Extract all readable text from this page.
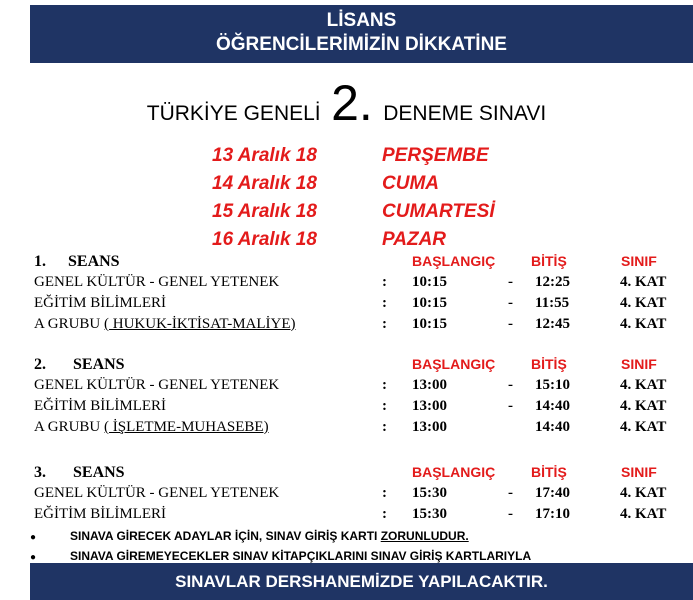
LİSANS
ÖĞRENCİLERİMİZİN DİKKATİNE
TÜRKİYE GENELİ 2. DENEME SINAVI
13 Aralık 18	PERŞEMBE
14 Aralık 18	CUMA
15 Aralık 18	CUMARTESİ
16 Aralık 18	PAZAR
1. SEANS	BAŞLANGIÇ	BİTİŞ	SINIF
GENEL KÜLTÜR - GENEL YETENEK	: 10:15	- 12:25	4. KAT
EĞİTİM BİLİMLERİ	: 10:15	- 11:55	4. KAT
A GRUBU ( HUKUK-İKTİSAT-MALİYE)	: 10:15	- 12:45	4. KAT
2. SEANS	BAŞLANGIÇ	BİTİŞ	SINIF
GENEL KÜLTÜR - GENEL YETENEK	: 13:00	- 15:10	4. KAT
EĞİTİM BİLİMLERİ	: 13:00	- 14:40	4. KAT
A GRUBU ( İŞLETME-MUHASEBE)	: 13:00	14:40	4. KAT
3. SEANS	BAŞLANGIÇ	BİTİŞ	SINIF
GENEL KÜLTÜR - GENEL YETENEK	: 15:30	- 17:40	4. KAT
EĞİTİM BİLİMLERİ	: 15:30	- 17:10	4. KAT
●	SINAVA GİRECEK ADAYLAR İÇİN, SINAV GİRİŞ KARTI ZORUNLUDUR.
●	SINAVA GİREMEYECEKLER SINAV KİTAPÇIKLARINI SINAV GİRİŞ KARTLARIYLA
SINAVLAR DERSHANEMİZDE YAPILACAKTIR.
